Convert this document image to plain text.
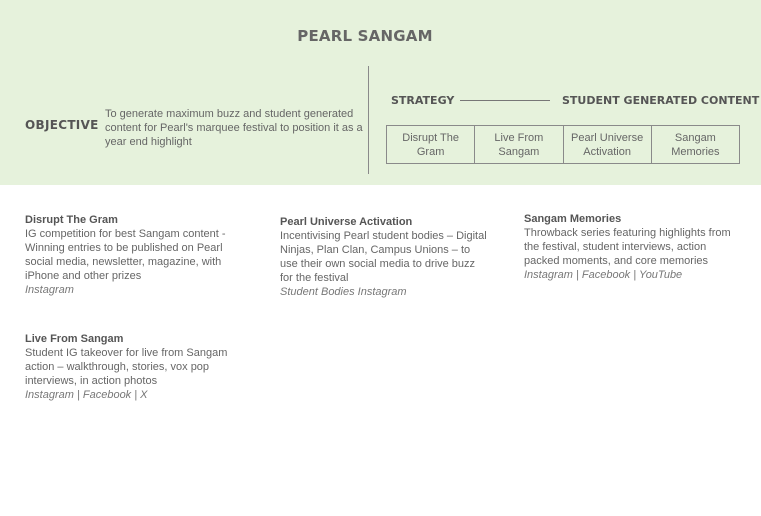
PEARL SANGAM
OBJECTIVE
To generate maximum buzz and student generated content for Pearl's marquee festival to position it as a year end highlight
STRATEGY	STUDENT GENERATED CONTENT
Disrupt The Gram
Live From Sangam
Pearl Universe Activation
Sangam Memories
Disrupt The Gram
IG competition for best Sangam content - Winning entries to be published on Pearl social media, newsletter, magazine, with iPhone and other prizes
Instagram
Pearl Universe Activation
Incentivising Pearl student bodies – Digital Ninjas, Plan Clan, Campus Unions – to use their own social media to drive buzz for the festival
Student Bodies Instagram
Sangam Memories
Throwback series featuring highlights from the festival, student interviews, action packed moments, and core memories
Instagram | Facebook | YouTube
Live From Sangam
Student IG takeover for live from Sangam action – walkthrough, stories, vox pop interviews, in action photos
Instagram | Facebook | X
